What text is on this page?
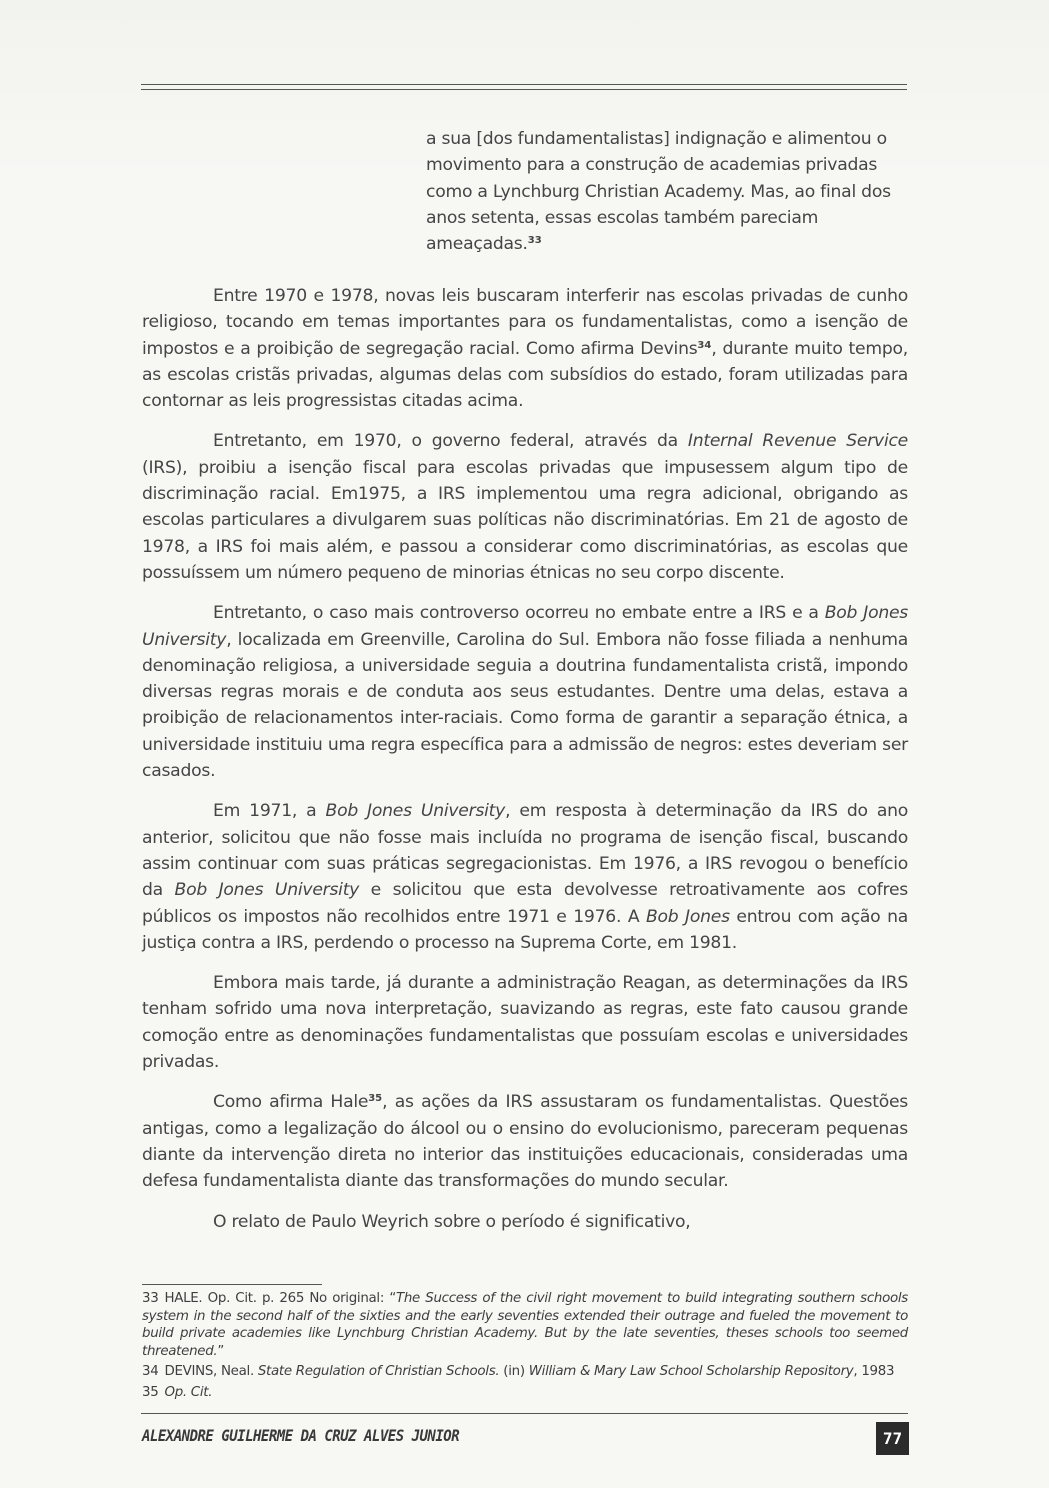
a sua [dos fundamentalistas] indignação e alimentou o movimento para a construção de academias privadas como a Lynchburg Christian Academy. Mas, ao final dos anos setenta, essas escolas também pareciam ameaçadas.$^{33}$

Entre 1970 e 1978, novas leis buscaram interferir nas escolas privadas de cunho religioso, tocando em temas importantes para os fundamentalistas, como a isenção de impostos e a proibição de segregação racial. Como afirma Devins$^{34}$, durante muito tempo, as escolas cristãs privadas, algumas delas com subsídios do estado, foram utilizadas para contornar as leis progressistas citadas acima.

Entretanto, em 1970, o governo federal, através da Internal Revenue Service (IRS), proibiu a isenção fiscal para escolas privadas que impusessem algum tipo de discriminação racial. Em1975, a IRS implementou uma regra adicional, obrigando as escolas particulares a divulgarem suas políticas não discriminatórias. Em 21 de agosto de 1978, a IRS foi mais além, e passou a considerar como discriminatórias, as escolas que possuíssem um número pequeno de minorias étnicas no seu corpo discente.

Entretanto, o caso mais controverso ocorreu no embate entre a IRS e a Bob Jones University, localizada em Greenville, Carolina do Sul. Embora não fosse filiada a nenhuma denominação religiosa, a universidade seguia a doutrina fundamentalista cristã, impondo diversas regras morais e de conduta aos seus estudantes. Dentre uma delas, estava a proibição de relacionamentos inter-raciais. Como forma de garantir a separação étnica, a universidade instituiu uma regra específica para a admissão de negros: estes deveriam ser casados.

Em 1971, a Bob Jones University, em resposta à determinação da IRS do ano anterior, solicitou que não fosse mais incluída no programa de isenção fiscal, buscando assim continuar com suas práticas segregacionistas. Em 1976, a IRS revogou o benefício da Bob Jones University e solicitou que esta devolvesse retroativamente aos cofres públicos os impostos não recolhidos entre 1971 e 1976. A Bob Jones entrou com ação na justiça contra a IRS, perdendo o processo na Suprema Corte, em 1981.

Embora mais tarde, já durante a administração Reagan, as determinações da IRS tenham sofrido uma nova interpretação, suavizando as regras, este fato causou grande comoção entre as denominações fundamentalistas que possuíam escolas e universidades privadas.

Como afirma Hale$^{35}$, as ações da IRS assustaram os fundamentalistas. Questões antigas, como a legalização do álcool ou o ensino do evolucionismo, pareceram pequenas diante da intervenção direta no interior das instituições educacionais, consideradas uma defesa fundamentalista diante das transformações do mundo secular.

O relato de Paulo Weyrich sobre o período é significativo,

33 HALE. Op. Cit. p. 265 No original: “The Success of the civil right movement to build integrating southern schools system in the second half of the sixties and the early seventies extended their outrage and fueled the movement to build private academies like Lynchburg Christian Academy. But by the late seventies, theses schools too seemed threatened.”
34 DEVINS, Neal. State Regulation of Christian Schools. (in) William & Mary Law School Scholarship Repository, 1983
35 Op. Cit.
ALEXANDRE GUILHERME DA CRUZ ALVES JUNIOR	77
